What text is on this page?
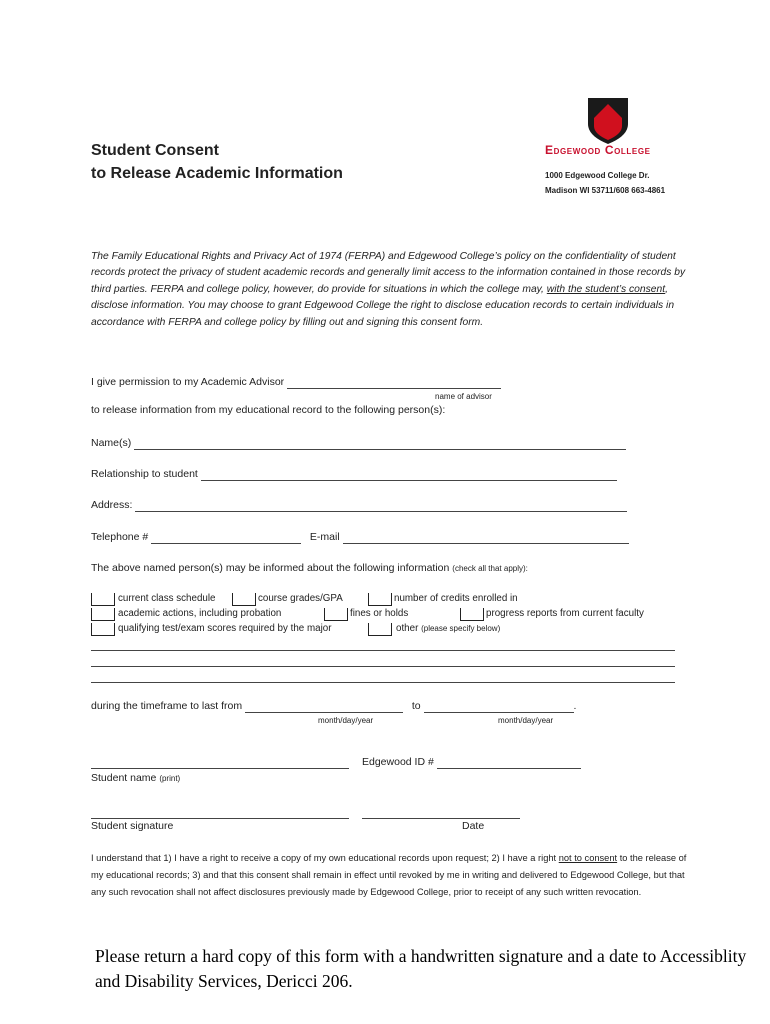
Student Consent
to Release Academic Information
Edgewood College
1000 Edgewood College Dr.
Madison WI 53711/608 663-4861
The Family Educational Rights and Privacy Act of 1974 (FERPA) and Edgewood College’s policy on the confidentiality of student records protect the privacy of student academic records and generally limit access to the information contained in those records by third parties. FERPA and college policy, however, do provide for situations in which the college may, with the student’s consent, disclose information. You may choose to grant Edgewood College the right to disclose education records to certain individuals in accordance with FERPA and college policy by filling out and signing this consent form.
I give permission to my Academic Advisor
name of advisor
to release information from my educational record to the following person(s):
Name(s)
Relationship to student
Address:
Telephone #	E-mail
The above named person(s) may be informed about the following information (check all that apply):
current class schedule	course grades/GPA	number of credits enrolled in
academic actions, including probation	fines or holds	progress reports from current faculty
qualifying test/exam scores required by the major	other (please specify below)
during the timeframe to last from	to	.
month/day/year	month/day/year
Edgewood ID #
Student name (print)
Student signature	Date
I understand that 1) I have a right to receive a copy of my own educational records upon request; 2) I have a right not to consent to the release of my educational records; 3) and that this consent shall remain in effect until revoked by me in writing and delivered to Edgewood College, but that any such revocation shall not affect disclosures previously made by Edgewood College, prior to receipt of any such written revocation.
Please return a hard copy of this form with a handwritten signature and a date to Accessiblity and Disability Services, Dericci 206.
